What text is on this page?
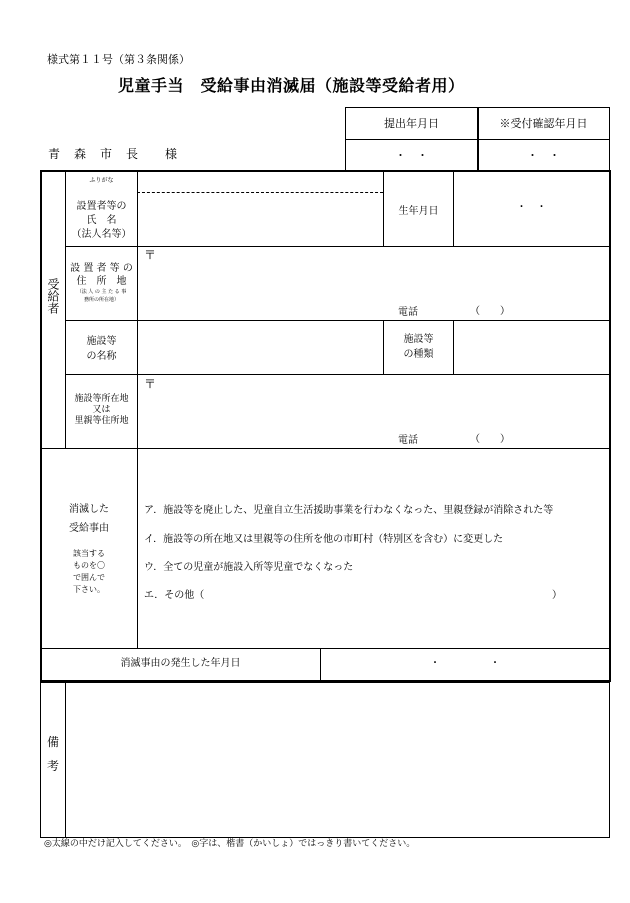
様式第１１号（第３条関係）
児童手当　受給事由消滅届（施設等受給者用）
青　森　市　長　　様
提出年月日	※受付確認年月日
・　・	・　・
受給者
ふりがな
設置者等の
氏　名
（法人名等）
生年月日	・　・
設 置 者 等 の
住　所　地
（法 人 の 主 た る 事
務所の所在地）
〒
電話	（　　）
施設等
の名称
施設等
の種類
施設等所在地
又は
里親等住所地
〒
電話	（　　）
消滅した
受給事由
該当する
ものを〇
で囲んで
下さい。
ア．施設等を廃止した、児童自立生活援助事業を行わなくなった、里親登録が消除された等
イ．施設等の所在地又は里親等の住所を他の市町村（特別区を含む）に変更した
ウ．全ての児童が施設入所等児童でなくなった
エ．その他（	）
消滅事由の発生した年月日	・　　　　　・
備

考
◎太線の中だけ記入してください。　◎字は、楷書（かいしょ）ではっきり書いてください。
